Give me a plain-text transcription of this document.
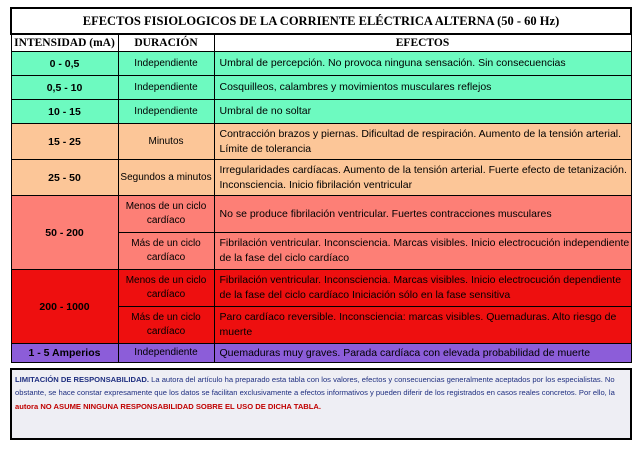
EFECTOS FISIOLOGICOS DE LA CORRIENTE ELÉCTRICA ALTERNA (50 - 60 Hz)		
INTENSIDAD (mA)	DURACIÓN	EFECTOS
0 - 0,5	Independiente	Umbral de percepción. No provoca ninguna sensación. Sin consecuencias
0,5 - 10	Independiente	Cosquilleos, calambres y movimientos musculares reflejos
10 - 15	Independiente	Umbral de no soltar
15 - 25	Minutos	Contracción brazos y piernas. Dificultad de respiración. Aumento de la tensión arterial. Límite de tolerancia
25 - 50	Segundos a minutos	Irregularidades cardíacas. Aumento de la tensión arterial. Fuerte efecto de tetanización. Inconsciencia. Inicio fibrilación ventricular
50 - 200	Menos de un ciclo cardíaco	No se produce fibrilación ventricular. Fuertes contracciones musculares
	Más de un ciclo cardíaco	Fibrilación ventricular. Inconsciencia. Marcas visibles. Inicio electrocución independiente de la fase del ciclo cardíaco
200 - 1000	Menos de un ciclo cardíaco	Fibrilación ventricular. Inconsciencia. Marcas visibles. Inicio electrocución dependiente de la fase del ciclo cardíaco Iniciación sólo en la fase sensitiva
	Más de un ciclo cardíaco	Paro cardíaco reversible. Inconsciencia: marcas visibles. Quemaduras. Alto riesgo de muerte
1 - 5 Amperios	Independiente	Quemaduras muy graves. Parada cardíaca con elevada probabilidad de muerte

LIMITACIÓN DE RESPONSABILIDAD. La autora del artículo ha preparado esta tabla con los valores, efectos y consecuencias generalmente aceptados por los especialistas. No obstante, se hace constar expresamente que los datos se facilitan exclusivamente a efectos informativos y pueden diferir de los registrados en casos reales concretos. Por ello, la autora NO ASUME NINGUNA RESPONSABILIDAD SOBRE EL USO DE DICHA TABLA.		
